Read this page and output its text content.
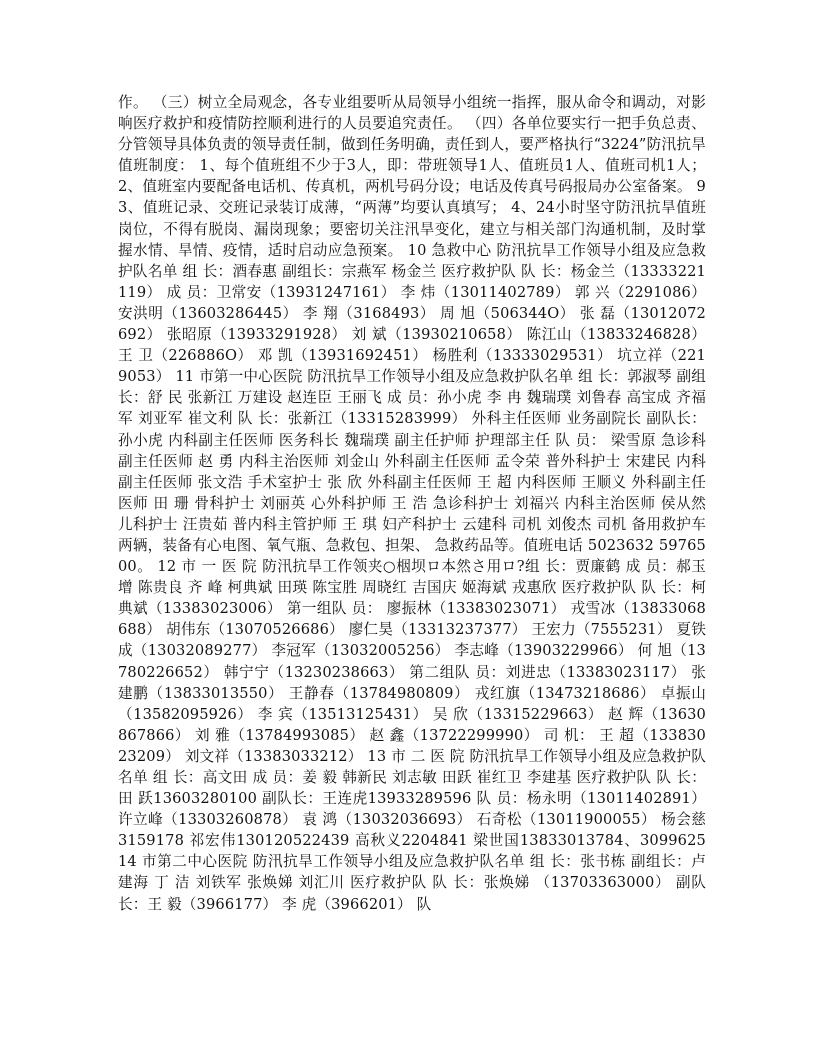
作。 （三）树立全局观念，各专业组要听从局领导小组统一指挥，服从命令和调动，对影响医疗救护和疫情防控顺利进行的人员要追究责任。 （四）各单位要实行一把手负总责、分管领导具体负责的领导责任制，做到任务明确，责任到人，要严格执行“3224”防汛抗旱值班制度： 1、每个值班组不少于3人，即：带班领导1人、值班员1人、值班司机1人； 2、值班室内要配备电话机、传真机，两机号码分设；电话及传真号码报局办公室备案。 9 3、值班记录、交班记录装订成薄，“两薄”均要认真填写； 4、24小时坚守防汛抗旱值班岗位，不得有脱岗、漏岗现象；要密切关注汛旱变化，建立与相关部门沟通机制，及时掌握水情、旱情、疫情，适时启动应急预案。 10 急救中心 防汛抗旱工作领导小组及应急救护队名单 组 长：酒春惠 副组长：宗燕军 杨金兰 医疗救护队 队 长：杨金兰（13333221119） 成 员：卫常安（13931247161） 李 炜（13011402789） 郭 兴（2291086） 安洪明（13603286445） 李 翔（3168493） 周 旭（506344O） 张 磊（13012072692） 张昭原（13933291928） 刘 斌（13930210658） 陈江山（13833246828） 王 卫（226886O） 邓 凯（13931692451） 杨胜利（13333029531） 坑立祥（2219053） 11 市第一中心医院 防汛抗旱工作领导小组及应急救护队名单 组 长：郭淑琴 副组长：舒 民 张新江 万建设 赵连臣 王丽飞 成 员：孙小虎 李 冉 魏瑞璞 刘鲁春 高宝成 齐福军 刘亚军 崔文利 队 长：张新江（13315283999） 外科主任医师 业务副院长 副队长：孙小虎 内科副主任医师 医务科长 魏瑞璞 副主任护师 护理部主任 队 员： 梁雪原 急诊科副主任医师 赵 勇 内科主治医师 刘金山 外科副主任医师 孟令荣 普外科护士 宋建民 内科副主任医师 张文浩 手术室护士 张 欣 外科副主任医师 王 超 内科医师 王顺义 外科副主任医师 田 珊 骨科护士 刘丽英 心外科护师 王 浩 急诊科护士 刘福兴 内科主治医师 侯从然 儿科护士 汪贵茹 普内科主管护师 王 琪 妇产科护士 云建科 司机 刘俊杰 司机 备用救护车两辆，装备有心电图、氧气瓶、急救包、担架、 急救药品等。值班电话 5023632 5976500。 12 市 一 医 院 防汛抗旱工作领夹○栶坝ロ本然さ用ロ?组 长：贾廉鹤 成 员：郝玉增 陈贵良 齐 峰 柯典斌 田瑛 陈宝胜 周晓红 吉国庆 姬海斌 戎惠欣 医疗救护队 队 长：柯典斌（13383023006） 第一组队 员： 廖振林（13383023071） 戎雪冰（13833068688） 胡伟东（13070526686） 廖仁昊（13313237377） 王宏力（7555231） 夏铁成（13032089277） 李冠军（13032005256） 李志峰（13903229966） 何 旭（13780226652） 韩宁宁（13230238663） 第二组队 员：刘进忠（13383023117） 张建鹏（13833013550） 王静春（13784980809） 戎红旗（13473218686） 卓振山（13582095926） 李 宾（13513125431） 吴 欣（13315229663） 赵 辉（13630867866） 刘 雅（13784993085） 赵 鑫（13722299990） 司 机： 王 超（13383023209） 刘文祥（13383033212） 13 市 二 医 院 防汛抗旱工作领导小组及应急救护队名单 组 长：高文田 成 员：姜 毅 韩新民 刘志敏 田跃 崔红卫 李建基 医疗救护队 队 长：田 跃13603280100 副队长：王连虎13933289596 队 员：杨永明（13011402891） 许立峰（13303260878） 袁 鸿（13032036693） 石奇松（13011900055） 杨会慈3159178 祁宏伟130120522439 高秋义2204841 梁世国13833013784、3099625 14 市第二中心医院 防汛抗旱工作领导小组及应急救护队名单 组 长：张书栋 副组长：卢建海 丁 洁 刘铁军 张焕娣 刘汇川 医疗救护队 队 长：张焕娣 （13703363000） 副队长：王 毅（3966177） 李 虎（3966201） 队
